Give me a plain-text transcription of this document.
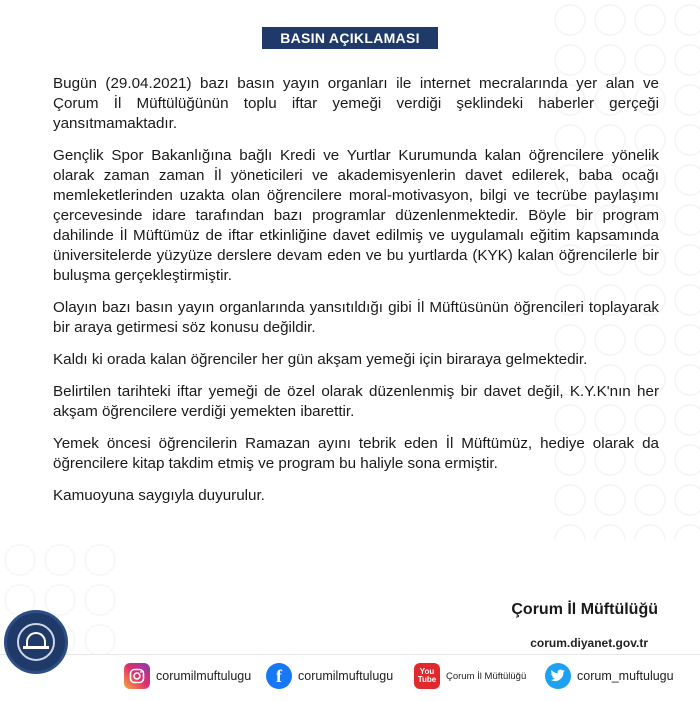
BASIN AÇIKLAMASI

Bugün (29.04.2021) bazı basın yayın organları ile internet mecralarında yer alan ve Çorum İl Müftülüğünün toplu iftar yemeği verdiği şeklindeki haberler gerçeği yansıtmamaktadır.

Gençlik Spor Bakanlığına bağlı Kredi ve Yurtlar Kurumunda kalan öğrencilere yönelik olarak zaman zaman İl yöneticileri ve akademisyenlerin davet edilerek, baba ocağı memleketlerinden uzakta olan öğrencilere moral-motivasyon, bilgi ve tecrübe paylaşımı çercevesinde idare tarafından bazı programlar düzenlenmektedir. Böyle bir program dahilinde İl Müftümüz de iftar etkinliğine davet edilmiş ve uygulamalı eğitim kapsamında üniversitelerde yüzyüze derslere devam eden ve bu yurtlarda (KYK) kalan öğrencilerle bir buluşma gerçekleştirmiştir.

Olayın bazı basın yayın organlarında yansıtıldığı gibi İl Müftüsünün öğrencileri toplayarak bir araya getirmesi söz konusu değildir.

Kaldı ki orada kalan öğrenciler her gün akşam yemeği için biraraya gelmektedir.

Belirtilen tarihteki iftar yemeği de özel olarak düzenlenmiş bir davet değil, K.Y.K'nın her akşam öğrencilere verdiği yemekten ibarettir.

Yemek öncesi öğrencilerin Ramazan ayını tebrik eden İl Müftümüz, hediye olarak da öğrencilere kitap takdim etmiş ve program bu haliyle sona ermiştir.

Kamuoyuna saygıyla duyurulur.

Çorum İl Müftülüğü
corum.diyanet.gov.tr
corumilmuftulugu	f	corumilmuftulugu	You
Tube Çorum İl Müftülüğü	corum_muftulugu
